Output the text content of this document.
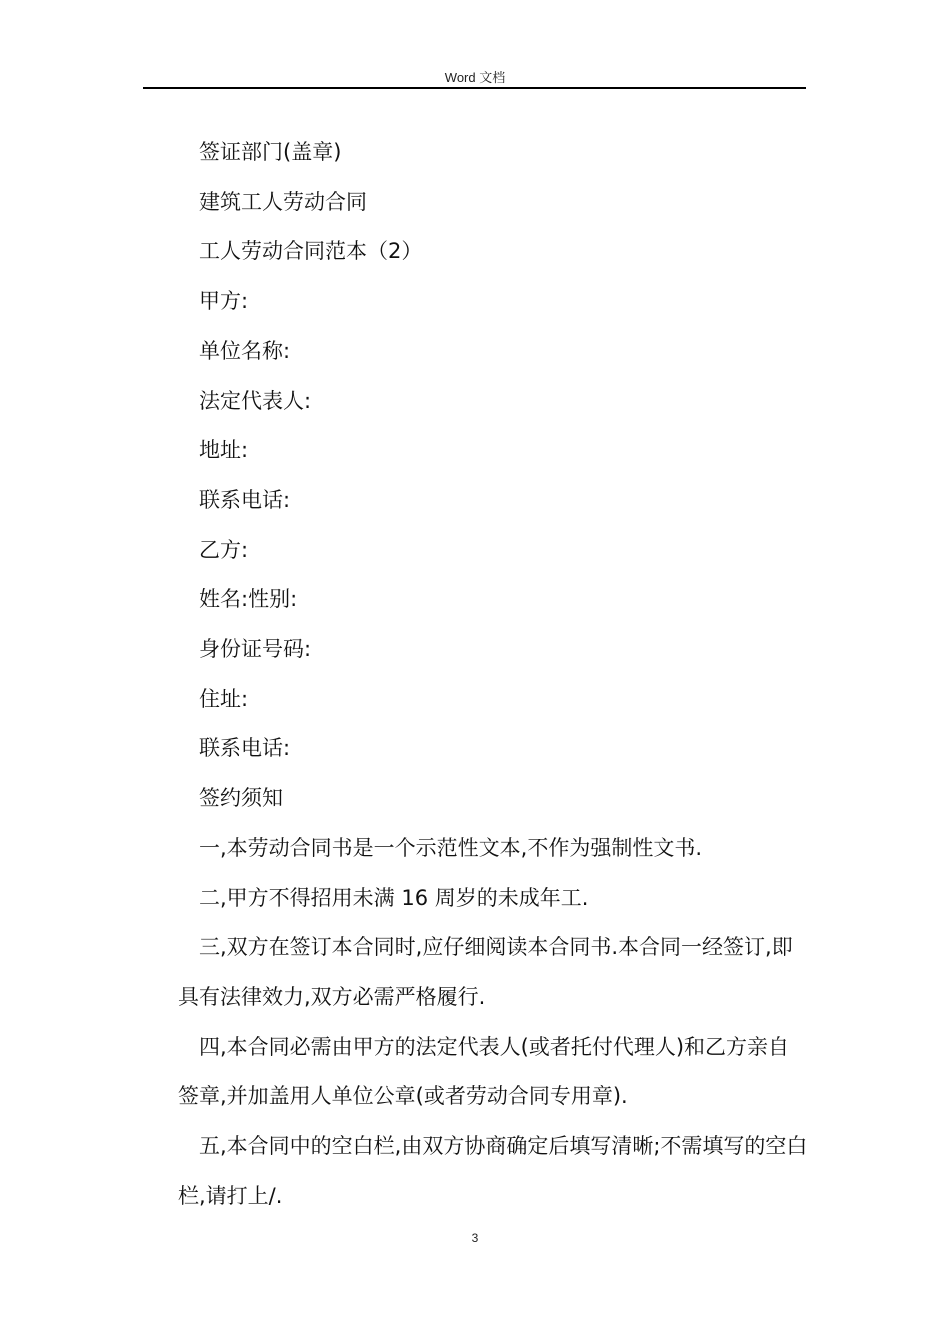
Word 文档

签证部门(盖章)

建筑工人劳动合同

工人劳动合同范本（2）

甲方:

单位名称:

法定代表人:

地址:

联系电话:

乙方:

姓名:性别:

身份证号码:

住址:

联系电话:

签约须知

一,本劳动合同书是一个示范性文本,不作为强制性文书.

二,甲方不得招用未满 16 周岁的未成年工.

三,双方在签订本合同时,应仔细阅读本合同书.本合同一经签订,即具有法律效力,双方必需严格履行.

四,本合同必需由甲方的法定代表人(或者托付代理人)和乙方亲自签章,并加盖用人单位公章(或者劳动合同专用章).

五,本合同中的空白栏,由双方协商确定后填写清晰;不需填写的空白栏,请打上/.

3
